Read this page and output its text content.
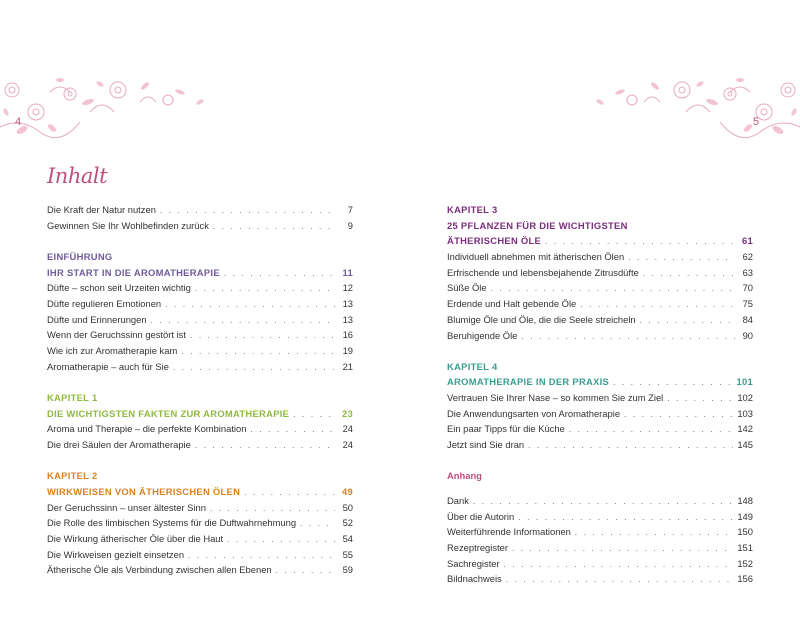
4
Inhalt
Die Kraft der Natur nutzen . . .	7
Gewinnen Sie Ihr Wohlbefinden zurück . . .	9
EINFÜHRUNG
IHR START IN DIE AROMATHERAPIE . . .	11
Düfte – schon seit Urzeiten wichtig . . .	12
Düfte regulieren Emotionen . . .	13
Düfte und Erinnerungen . . .	13
Wenn der Geruchssinn gestört ist . . .	16
Wie ich zur Aromatherapie kam . . .	19
Aromatherapie – auch für Sie . . .	21
KAPITEL 1
DIE WICHTIGSTEN FAKTEN ZUR AROMATHERAPIE . . .	23
Aroma und Therapie – die perfekte Kombination . . .	24
Die drei Säulen der Aromatherapie . . .	24
KAPITEL 2
WIRKWEISEN VON ÄTHERISCHEN ÖLEN . . .	49
Der Geruchssinn – unser ältester Sinn . . .	50
Die Rolle des limbischen Systems für die Duftwahrnehmung . . .	52
Die Wirkung ätherischer Öle über die Haut . . .	54
Die Wirkweisen gezielt einsetzen . . .	55
Ätherische Öle als Verbindung zwischen allen Ebenen . . .	59
5
KAPITEL 3
25 PFLANZEN FÜR DIE WICHTIGSTEN
ÄTHERISCHEN ÖLE . . .	61
Individuell abnehmen mit ätherischen Ölen . . .	62
Erfrischende und lebensbejahende Zitrusdüfte . . .	63
Süße Öle . . .	70
Erdende und Halt gebende Öle . . .	75
Blumige Öle und Öle, die die Seele streicheln . . .	84
Beruhigende Öle . . .	90
KAPITEL 4
AROMATHERAPIE IN DER PRAXIS . . .	101
Vertrauen Sie Ihrer Nase – so kommen Sie zum Ziel . . .	102
Die Anwendungsarten von Aromatherapie . . .	103
Ein paar Tipps für die Küche . . .	142
Jetzt sind Sie dran . . .	145
Anhang
Dank . . .	148
Über die Autorin . . .	149
Weiterführende Informationen . . .	150
Rezeptregister . . .	151
Sachregister . . .	152
Bildnachweis . . .	156
